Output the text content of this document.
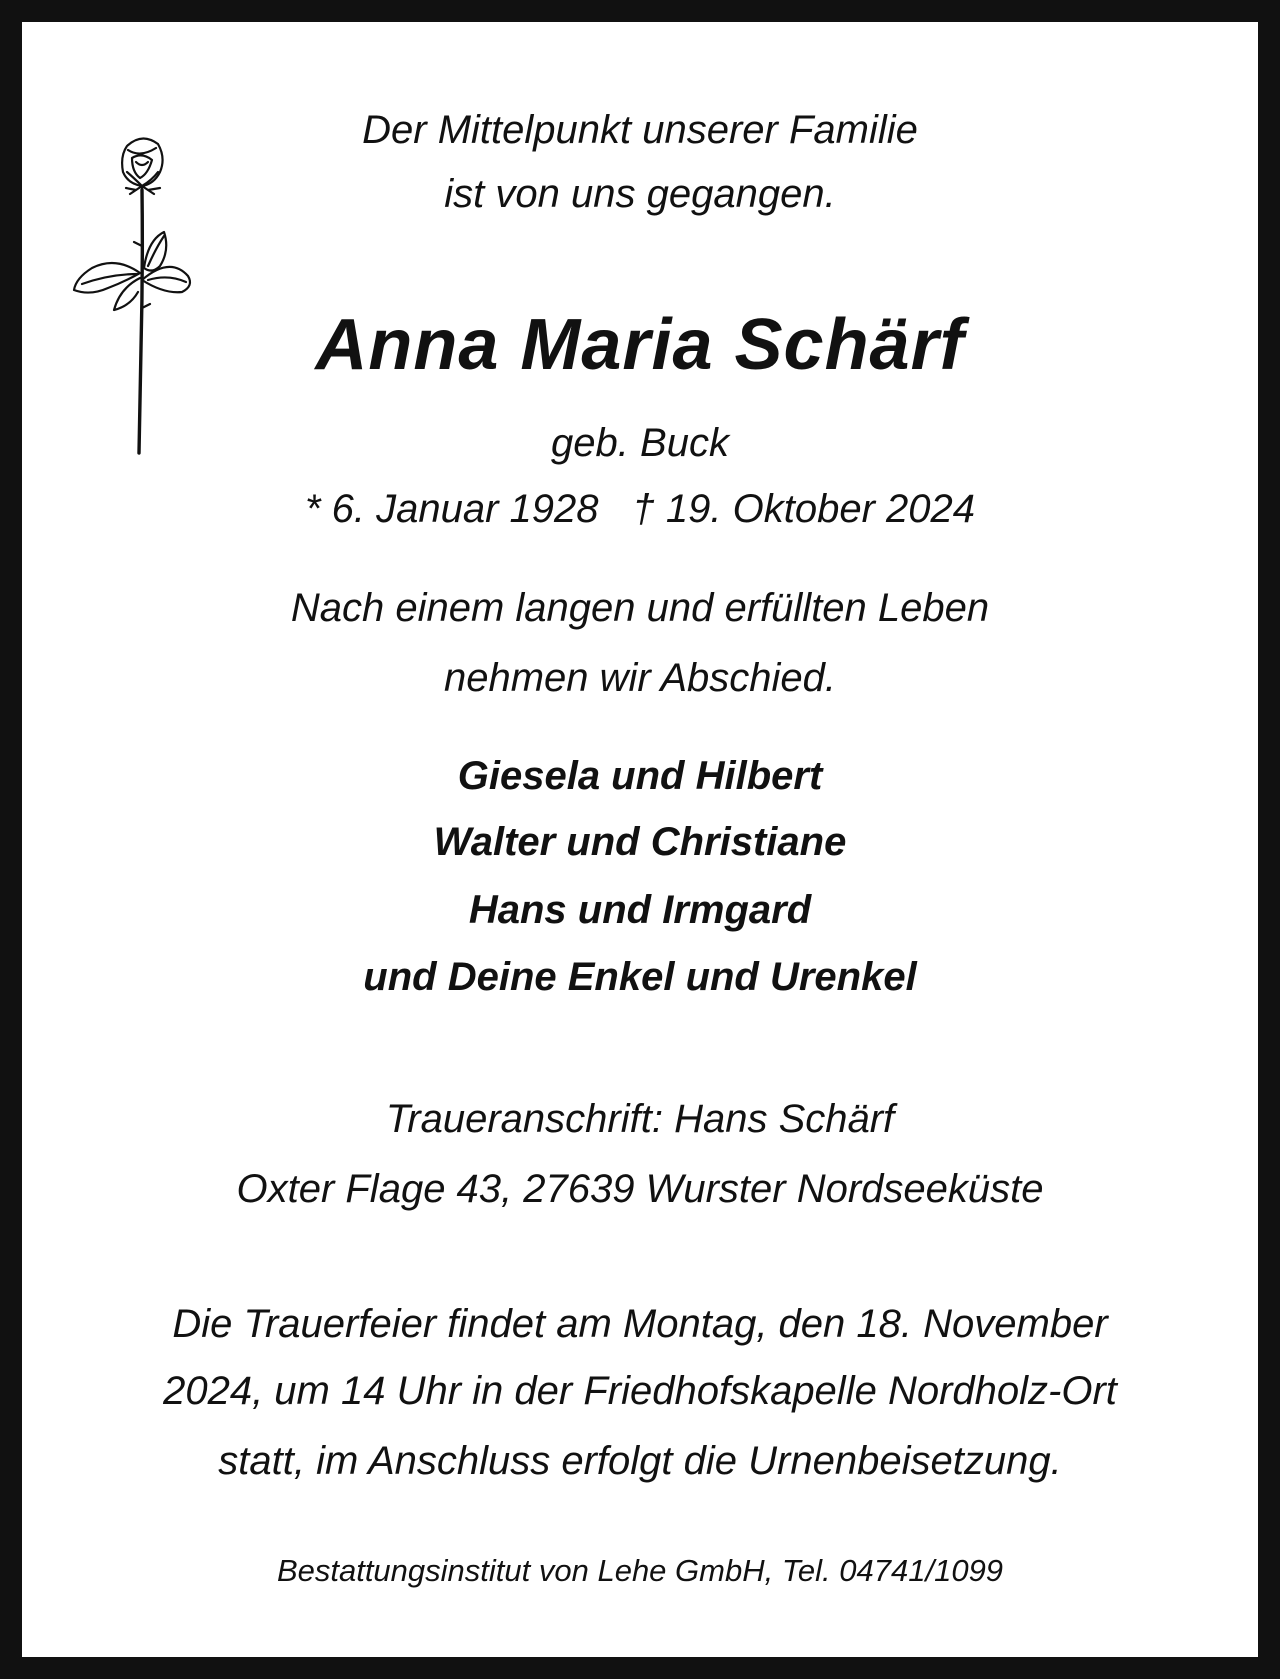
Der Mittelpunkt unserer Familie
ist von uns gegangen.
Anna Maria Schärf
geb. Buck
* 6. Januar 1928 † 19. Oktober 2024
Nach einem langen und erfüllten Leben
nehmen wir Abschied.
Giesela und Hilbert
Walter und Christiane
Hans und Irmgard
und Deine Enkel und Urenkel
Traueranschrift: Hans Schärf
Oxter Flage 43, 27639 Wurster Nordseeküste
Die Trauerfeier findet am Montag, den 18. November
2024, um 14 Uhr in der Friedhofskapelle Nordholz-Ort
statt, im Anschluss erfolgt die Urnenbeisetzung.
Bestattungsinstitut von Lehe GmbH, Tel. 04741/1099
